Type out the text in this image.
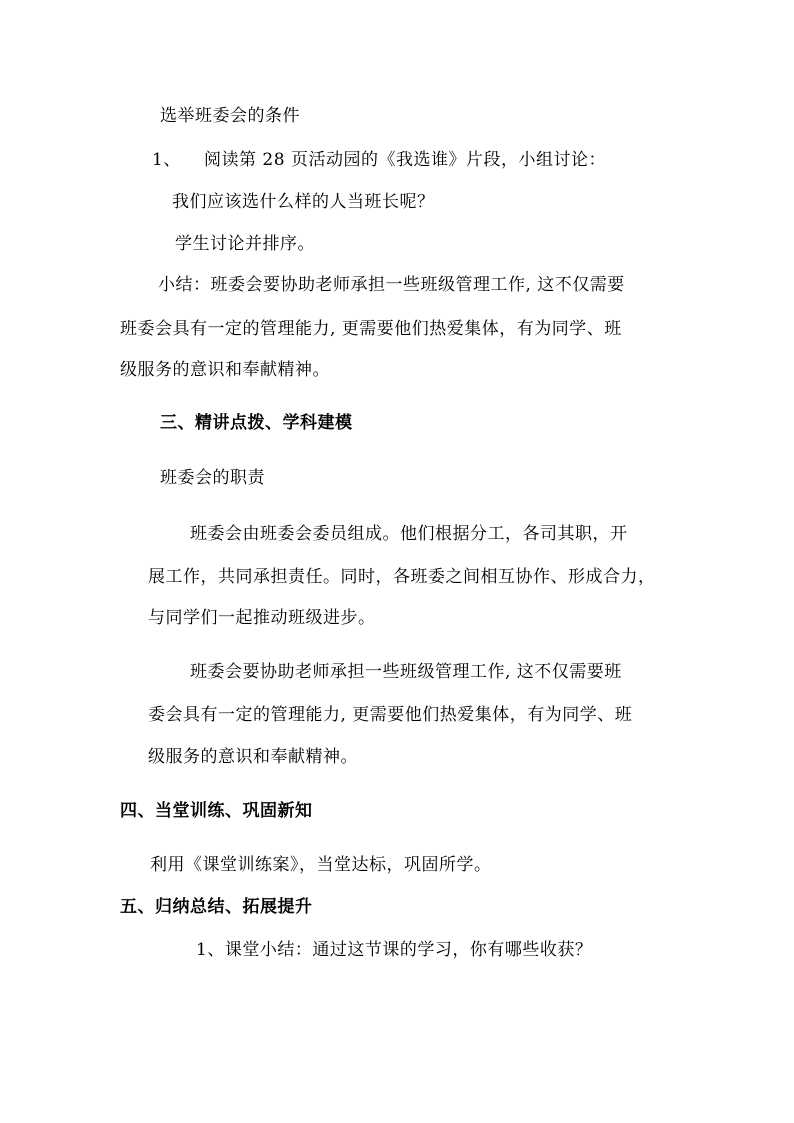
选举班委会的条件
1、 阅读第 28 页活动园的《我选谁》片段，小组讨论：
我们应该选什么样的人当班长呢？
学生讨论并排序。
小结：班委会要协助老师承担一些班级管理工作, 这不仅需要
班委会具有一定的管理能力, 更需要他们热爱集体，有为同学、班
级服务的意识和奉献精神。
三、精讲点拨、学科建模
班委会的职责
班委会由班委会委员组成。他们根据分工，各司其职，开
展工作，共同承担责任。同时，各班委之间相互协作、形成合力，
与同学们一起推动班级进步。
班委会要协助老师承担一些班级管理工作, 这不仅需要班
委会具有一定的管理能力, 更需要他们热爱集体，有为同学、班
级服务的意识和奉献精神。
四、当堂训练、巩固新知
利用《课堂训练案》，当堂达标，巩固所学。
五、归纳总结、拓展提升
1、课堂小结：通过这节课的学习，你有哪些收获？
